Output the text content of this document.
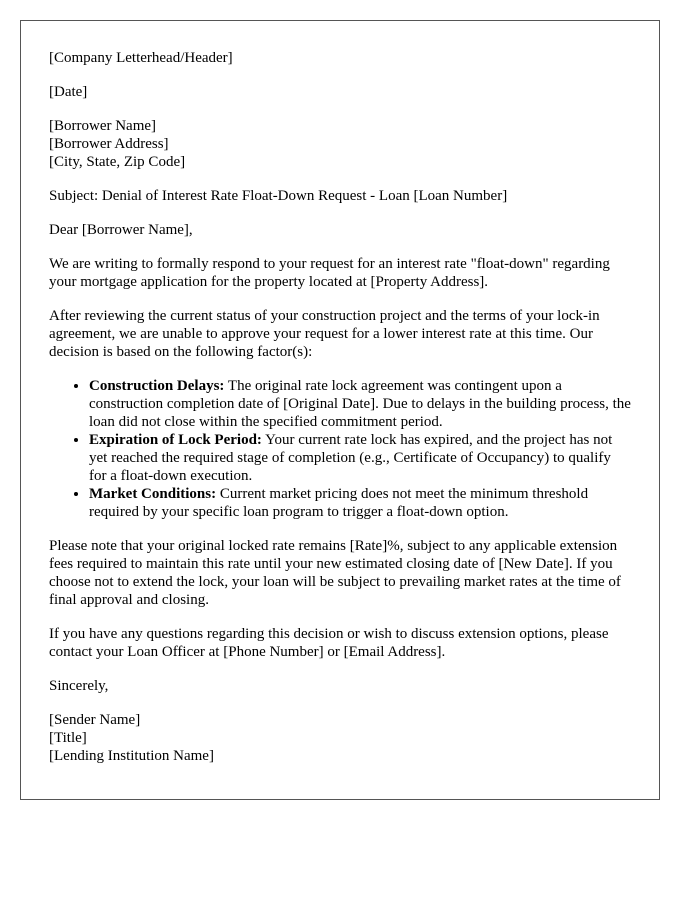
[Company Letterhead/Header]

[Date]

[Borrower Name]

[Borrower Address]

[City, State, Zip Code]

Subject: Denial of Interest Rate Float-Down Request - Loan [Loan Number]

Dear [Borrower Name],

We are writing to formally respond to your request for an interest rate "float-down" regarding your mortgage application for the property located at [Property Address].

After reviewing the current status of your construction project and the terms of your lock-in agreement, we are unable to approve your request for a lower interest rate at this time. Our decision is based on the following factor(s):

• Construction Delays: The original rate lock agreement was contingent upon a construction completion date of [Original Date]. Due to delays in the building process, the loan did not close within the specified commitment period.
• Expiration of Lock Period: Your current rate lock has expired, and the project has not yet reached the required stage of completion (e.g., Certificate of Occupancy) to qualify for a float-down execution.
• Market Conditions: Current market pricing does not meet the minimum threshold required by your specific loan program to trigger a float-down option.

Please note that your original locked rate remains [Rate]%, subject to any applicable extension fees required to maintain this rate until your new estimated closing date of [New Date]. If you choose not to extend the lock, your loan will be subject to prevailing market rates at the time of final approval and closing.

If you have any questions regarding this decision or wish to discuss extension options, please contact your Loan Officer at [Phone Number] or [Email Address].

Sincerely,

[Sender Name]

[Title]

[Lending Institution Name]
